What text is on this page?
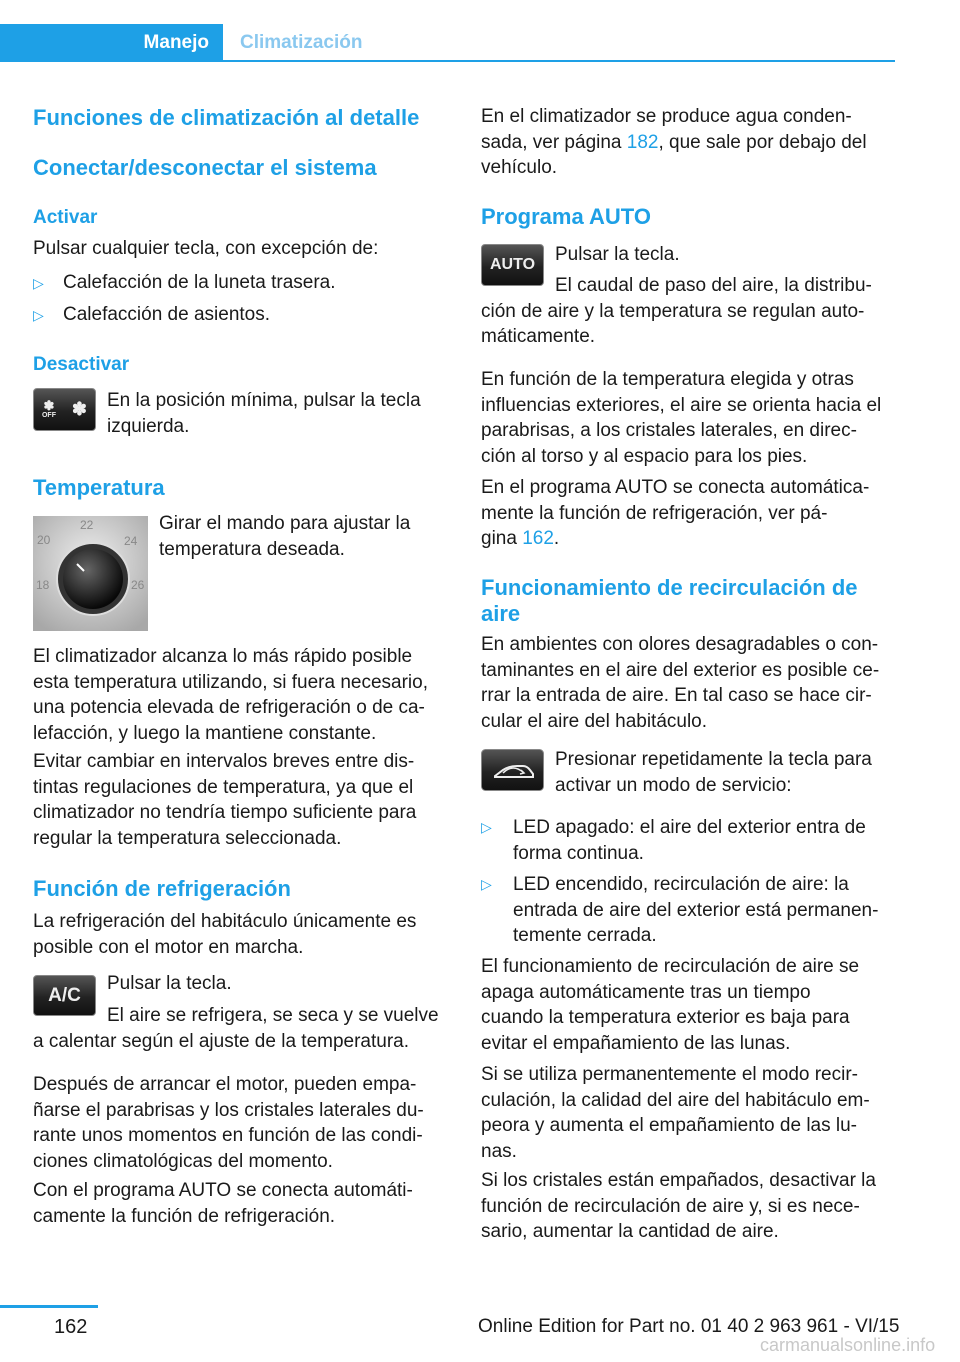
Manejo	Climatización
Funciones de climatización al detalle
Conectar/desconectar el sistema
Activar
Pulsar cualquier tecla, con excepción de:
▷ Calefacción de la luneta trasera.
▷ Calefacción de asientos.
Desactivar
✽
OFF ✽ En la posición mínima, pulsar la tecla

izquierda.

Temperatura
22
20	24
18	26

Girar el mando para ajustar la

temperatura deseada.

El climatizador alcanza lo más rápido posible

esta temperatura utilizando, si fuera necesario,

una potencia elevada de refrigeración o de ca‐

lefacción, y luego la mantiene constante.

Evitar cambiar en intervalos breves entre dis‐

tintas regulaciones de temperatura, ya que el

climatizador no tendría tiempo suficiente para

regular la temperatura seleccionada.

Función de refrigeración

La refrigeración del habitáculo únicamente es

posible con el motor en marcha.

A/C
Pulsar la tecla.

El aire se refrigera, se seca y se vuelve

a calentar según el ajuste de la temperatura.

Después de arrancar el motor, pueden empa‐

ñarse el parabrisas y los cristales laterales du‐

rante unos momentos en función de las condi‐

ciones climatológicas del momento.

Con el programa AUTO se conecta automáti‐

camente la función de refrigeración.

En el climatizador se produce agua conden‐

sada, ver página 182, que sale por debajo del

vehículo.

Programa AUTO
AUTO	Pulsar la tecla.

El caudal de paso del aire, la distribu‐

ción de aire y la temperatura se regulan auto‐

máticamente.

En función de la temperatura elegida y otras

influencias exteriores, el aire se orienta hacia el

parabrisas, a los cristales laterales, en direc‐

ción al torso y al espacio para los pies.

En el programa AUTO se conecta automática‐

mente la función de refrigeración, ver pá‐

gina 162.

Funcionamiento de recirculación de

aire

En ambientes con olores desagradables o con‐

taminantes en el aire del exterior es posible ce‐

rrar la entrada de aire. En tal caso se hace cir‐

cular el aire del habitáculo.

Presionar repetidamente la tecla para

activar un modo de servicio:

▷	LED apagado: el aire del exterior entra de

forma continua.

▷	LED encendido, recirculación de aire: la

entrada de aire del exterior está permanen‐

temente cerrada.

El funcionamiento de recirculación de aire se

apaga automáticamente tras un tiempo

cuando la temperatura exterior es baja para

evitar el empañamiento de las lunas.

Si se utiliza permanentemente el modo recir‐

culación, la calidad del aire del habitáculo em‐

peora y aumenta el empañamiento de las lu‐

nas.

Si los cristales están empañados, desactivar la

función de recirculación de aire y, si es nece‐

sario, aumentar la cantidad de aire.

162	Online Edition for Part no. 01 40 2 963 961 - VI/15
carmanualsonline.info
